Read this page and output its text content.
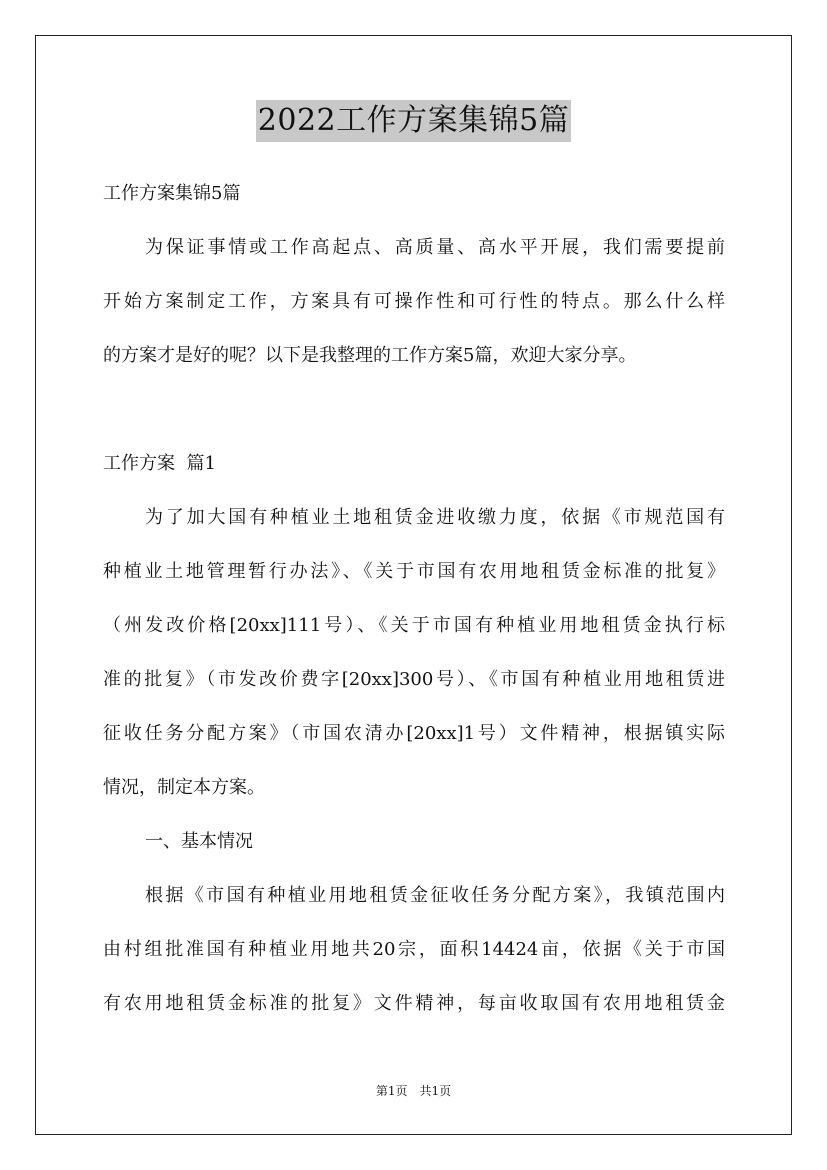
2022工作方案集锦5篇
工作方案集锦5篇
为保证事情或工作高起点、高质量、高水平开展，我们需要提前
开始方案制定工作，方案具有可操作性和可行性的特点。那么什么样
的方案才是好的呢？以下是我整理的工作方案5篇，欢迎大家分享。
工作方案  篇1
为了加大国有种植业土地租赁金进收缴力度，依据《市规范国有
种植业土地管理暂行办法》、《关于市国有农用地租赁金标准的批复》
（州发改价格[20xx]111号）、《关于市国有种植业用地租赁金执行标
准的批复》（市发改价费字[20xx]300号）、《市国有种植业用地租赁进
征收任务分配方案》（市国农清办[20xx]1号）文件精神，根据镇实际
情况，制定本方案。
一、基本情况
根据《市国有种植业用地租赁金征收任务分配方案》，我镇范围内
由村组批准国有种植业用地共20宗，面积14424亩，依据《关于市国
有农用地租赁金标准的批复》文件精神，每亩收取国有农用地租赁金
第1页 共1页
